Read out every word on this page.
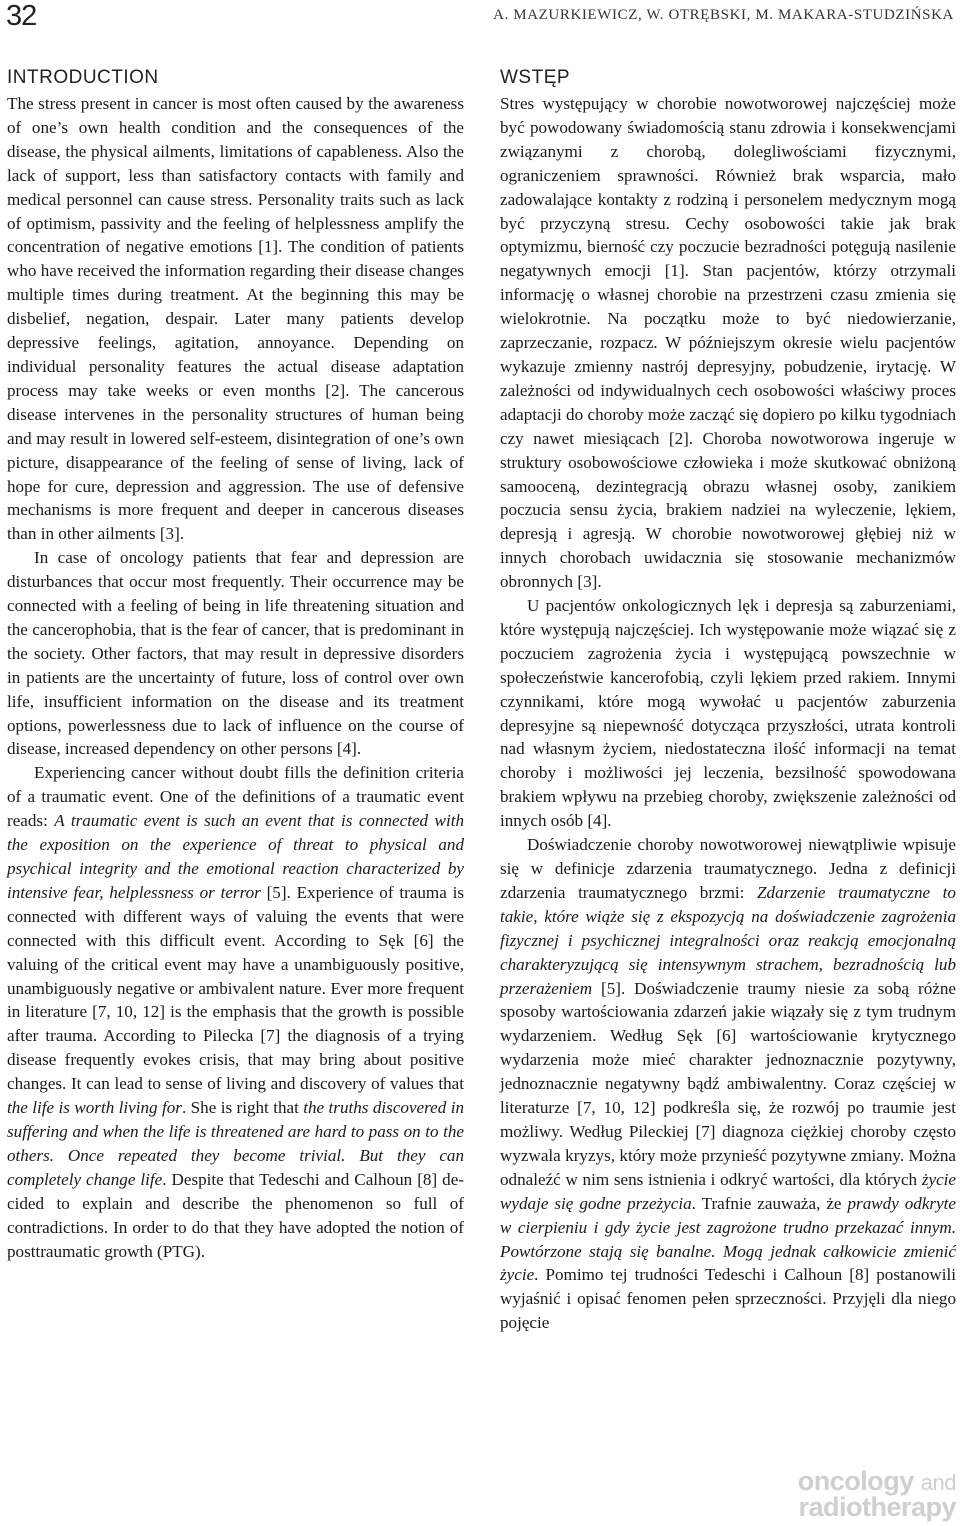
32	A. MAZURKIEWICZ, W. OTRĘBSKI, M. MAKARA-STUDZIŃSKA
INTRODUCTION

The stress present in cancer is most often caused by the awareness of one’s own health condition and the consequences of the disease, the physical ailments, limitations of capableness. Also the lack of support, less than satisfactory contacts with family and medical personnel can cause stress. Personality traits such as lack of optimism, passivity and the feeling of helplessness amplify the concentration of negative emotions [1]. The condition of patients who have received the information regarding their disease changes multiple times during treatment. At the beginning this may be disbelief, negation, despair. Later many patients develop depressive feelings, agitation, annoyance. Depending on individual personality features the actual disease adaptation process may take weeks or even months [2]. The cancerous disease intervenes in the personality structures of human being and may result in lowered self-esteem, disintegration of one’s own picture, disappearance of the feeling of sense of living, lack of hope for cure, depression and aggression. The use of defensive mechanisms is more frequent and deeper in cancerous diseases than in other ailments [3].

In case of oncology patients that fear and depression are disturbances that occur most frequently. Their occurrence may be connected with a feeling of being in life threatening situation and the cancerophobia, that is the fear of cancer, that is predominant in the society. Other factors, that may result in depressive disorders in patients are the uncertainty of future, loss of control over own life, insufficient information on the disease and its treatment options, powerlessness due to lack of influence on the course of disease, increased dependency on other persons [4].

Experiencing cancer without doubt fills the definition criteria of a traumatic event. One of the definitions of a traumatic event reads: A traumatic event is such an event that is connected with the exposition on the experience of threat to physical and psychical integrity and the emotional reaction characterized by intensive fear, helplessness or terror [5]. Experience of trauma is connected with different ways of valuing the events that were connected with this difficult event. According to Sęk [6] the valuing of the critical event may have a unambiguously positive, unambiguously negative or ambivalent nature. Ever more frequent in literature [7, 10, 12] is the emphasis that the growth is possible after trauma. According to Pilecka [7] the diagnosis of a trying disease frequently evokes crisis, that may bring about positive changes. It can lead to sense of living and discovery of values that the life is worth living for. She is right that the truths discovered in suffering and when the life is threatened are hard to pass on to the others. Once repeated they become trivial. But they can completely change life. Despite that Tedeschi and Calhoun [8] decided to explain and describe the phenomenon so full of contradictions. In order to do that they have adopted the notion of posttraumatic growth (PTG).

WSTĘP

Stres występujący w chorobie nowotworowej najczęściej może być powodowany świadomością stanu zdrowia i konsekwencjami związanymi z chorobą, dolegliwościami fizycznymi, ograniczeniem sprawności. Również brak wsparcia, mało zadowalające kontakty z rodziną i personelem medycznym mogą być przyczyną stresu. Cechy osobowości takie jak brak optymizmu, bierność czy poczucie bezradności potęgują nasilenie negatywnych emocji [1]. Stan pacjentów, którzy otrzymali informację o własnej chorobie na przestrzeni czasu zmienia się wielokrotnie. Na początku może to być niedowierzanie, zaprzeczanie, rozpacz. W późniejszym okresie wielu pacjentów wykazuje zmienny nastrój depresyjny, pobudzenie, irytację. W zależności od indywidualnych cech osobowości właściwy proces adaptacji do choroby może zacząć się dopiero po kilku tygodniach czy nawet miesiącach [2]. Choroba nowotworowa ingeruje w struktury osobowościowe człowieka i może skutkować obniżoną samooceną, dezintegracją obrazu własnej osoby, zanikiem poczucia sensu życia, brakiem nadziei na wyleczenie, lękiem, depresją i agresją. W chorobie nowotworowej głębiej niż w innych chorobach uwidacznia się stosowanie mechanizmów obronnych [3].

U pacjentów onkologicznych lęk i depresja są zaburzeniami, które występują najczęściej. Ich występowanie może wiązać się z poczuciem zagrożenia życia i występującą powszechnie w społeczeństwie kancerofobią, czyli lękiem przed rakiem. Innymi czynnikami, które mogą wywołać u pacjentów zaburzenia depresyjne są niepewność dotycząca przyszłości, utrata kontroli nad własnym życiem, niedostateczna ilość informacji na temat choroby i możliwości jej leczenia, bezsilność spowodowana brakiem wpływu na przebieg choroby, zwiększenie zależności od innych osób [4].

Doświadczenie choroby nowotworowej niewątpliwie wpisuje się w definicje zdarzenia traumatycznego. Jedna z definicji zdarzenia traumatycznego brzmi: Zdarzenie traumatyczne to takie, które wiąże się z ekspozycją na doświadczenie zagrożenia fizycznej i psychicznej integralności oraz reakcją emocjonalną charakteryzującą się intensywnym strachem, bezradnością lub przerażeniem [5]. Doświadczenie traumy niesie za sobą różne sposoby wartościowania zdarzeń jakie wiązały się z tym trudnym wydarzeniem. Według Sęk [6] wartościowanie krytycznego wydarzenia może mieć charakter jednoznacznie pozytywny, jednoznacznie negatywny bądź ambiwalentny. Coraz częściej w literaturze [7, 10, 12] podkreśla się, że rozwój po traumie jest możliwy. Według Pileckiej [7] diagnoza ciężkiej choroby często wyzwala kryzys, który może przynieść pozytywne zmiany. Można odnaleźć w nim sens istnienia i odkryć wartości, dla których życie wydaje się godne przeżycia. Trafnie zauważa, że prawdy odkryte w cierpieniu i gdy życie jest zagrożone trudno przekazać innym. Powtórzone stają się banalne. Mogą jednak całkowicie zmienić życie. Pomimo tej trudności Tedeschi i Calhoun [8] postanowili wyjaśnić i opisać fenomen pełen sprzeczności. Przyjęli dla niego pojęcie

oncology and
radiotherapy
